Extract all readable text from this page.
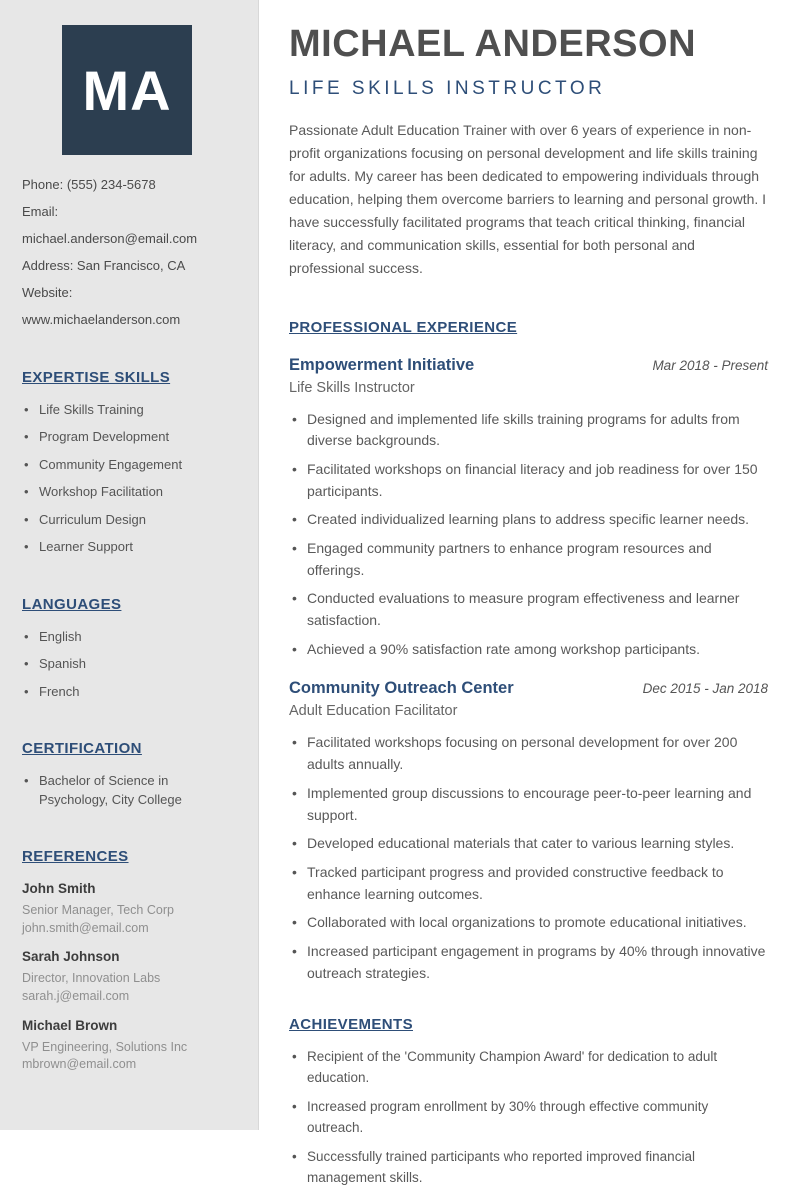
MA
Phone: (555) 234-5678
Email: michael.anderson@email.com
Address: San Francisco, CA
Website: www.michaelanderson.com
EXPERTISE SKILLS
• Life Skills Training
• Program Development
• Community Engagement
• Workshop Facilitation
• Curriculum Design
• Learner Support
LANGUAGES
• English
• Spanish
• French
CERTIFICATION
• Bachelor of Science in Psychology, City College
REFERENCES
John Smith
Senior Manager, Tech Corp
john.smith@email.com
Sarah Johnson
Director, Innovation Labs
sarah.j@email.com
Michael Brown
VP Engineering, Solutions Inc
mbrown@email.com
MICHAEL ANDERSON
LIFE SKILLS INSTRUCTOR

Passionate Adult Education Trainer with over 6 years of experience in non-profit organizations focusing on personal development and life skills training for adults. My career has been dedicated to empowering individuals through education, helping them overcome barriers to learning and personal growth. I have successfully facilitated programs that teach critical thinking, financial literacy, and communication skills, essential for both personal and professional success.

PROFESSIONAL EXPERIENCE
Empowerment Initiative	Mar 2018 - Present
Life Skills Instructor
• Designed and implemented life skills training programs for adults from diverse backgrounds.
• Facilitated workshops on financial literacy and job readiness for over 150 participants.
• Created individualized learning plans to address specific learner needs.
• Engaged community partners to enhance program resources and offerings.
• Conducted evaluations to measure program effectiveness and learner satisfaction.
• Achieved a 90% satisfaction rate among workshop participants.
Community Outreach Center	Dec 2015 - Jan 2018
Adult Education Facilitator
• Facilitated workshops focusing on personal development for over 200 adults annually.
• Implemented group discussions to encourage peer-to-peer learning and support.
• Developed educational materials that cater to various learning styles.
• Tracked participant progress and provided constructive feedback to enhance learning outcomes.
• Collaborated with local organizations to promote educational initiatives.
• Increased participant engagement in programs by 40% through innovative outreach strategies.
ACHIEVEMENTS
• Recipient of the 'Community Champion Award' for dedication to adult education.
• Increased program enrollment by 30% through effective community outreach.
• Successfully trained participants who reported improved financial management skills.
